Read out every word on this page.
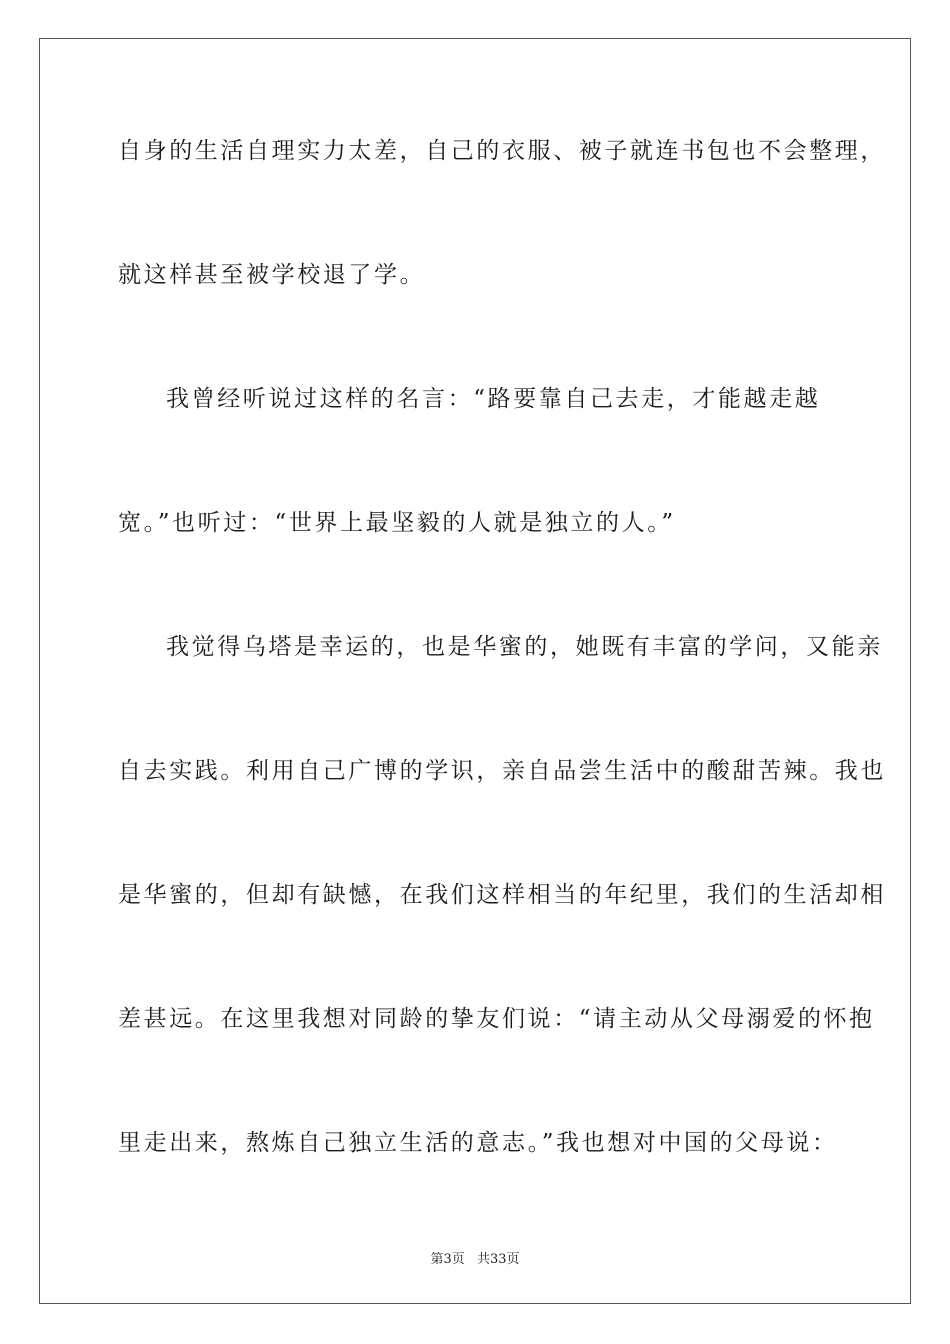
自身的生活自理实力太差，自己的衣服、被子就连书包也不会整理，
就这样甚至被学校退了学。
我曾经听说过这样的名言：“路要靠自己去走，才能越走越
宽。”也听过：“世界上最坚毅的人就是独立的人。”
我觉得乌塔是幸运的，也是华蜜的，她既有丰富的学问，又能亲
自去实践。利用自己广博的学识，亲自品尝生活中的酸甜苦辣。我也
是华蜜的，但却有缺憾，在我们这样相当的年纪里，我们的生活却相
差甚远。在这里我想对同龄的挚友们说：“请主动从父母溺爱的怀抱
里走出来，熬炼自己独立生活的意志。”我也想对中国的父母说：
第3页 共33页
